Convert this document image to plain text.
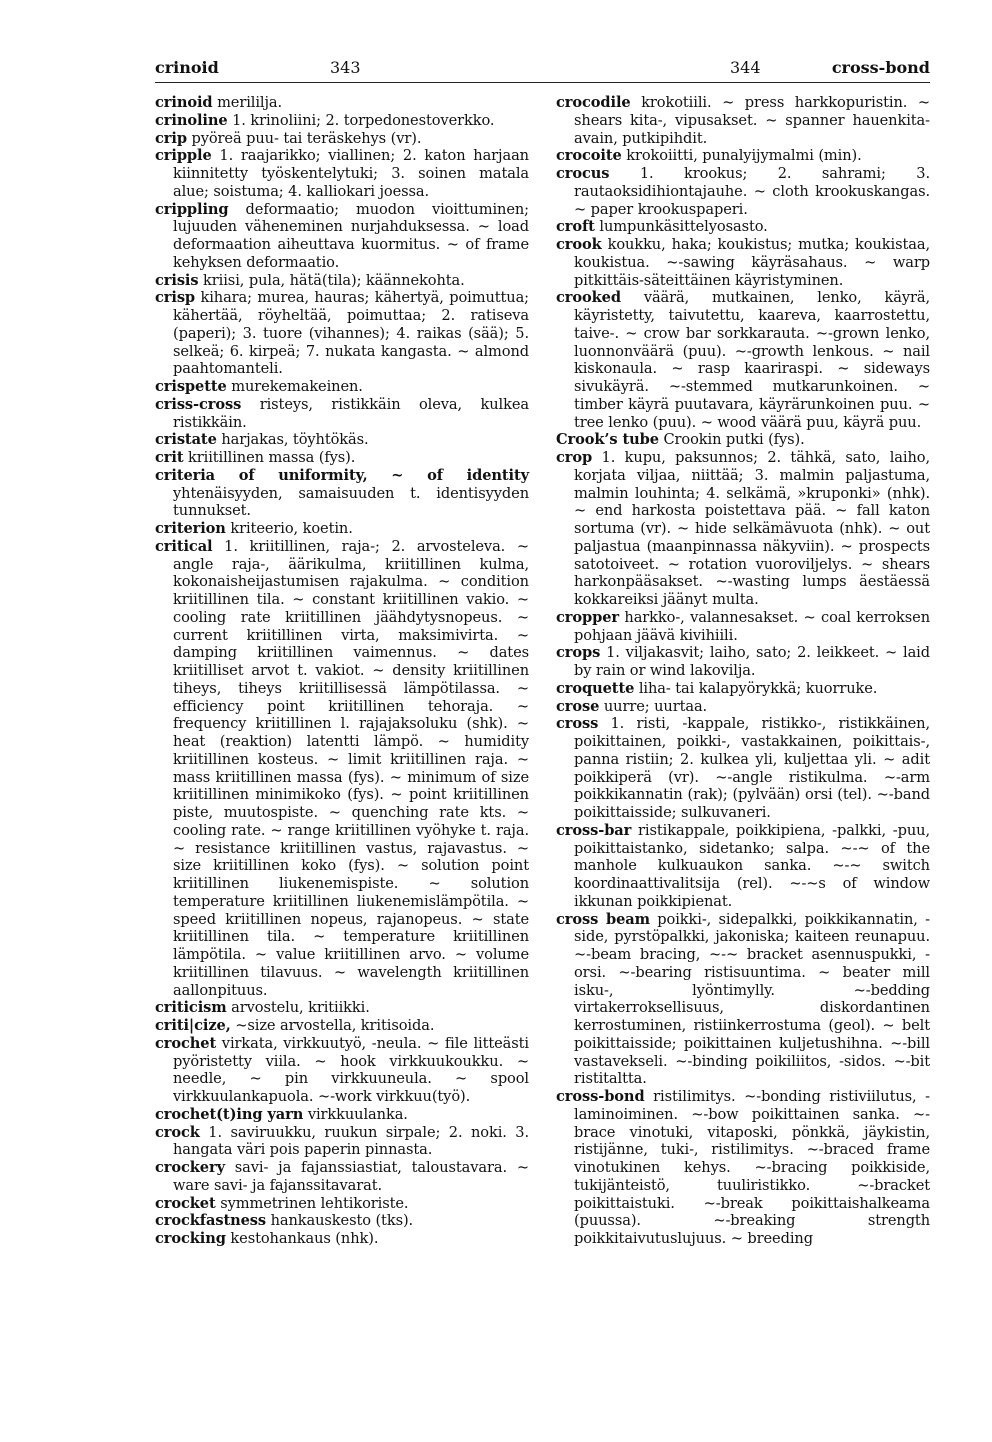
crinoid	343	344	cross-bond

crinoid merililja.

crinoline 1. krinoliini; 2. torpedonestoverkko.

crip pyöreä puu- tai teräskehys (vr).

cripple 1. raajarikko; viallinen; 2. katon harjaan kiinnitetty työskentelytuki; 3. soinen matala alue; soistuma; 4. kalliokari joessa.

crippling deformaatio; muodon vioittuminen; lujuuden väheneminen nurjahduksessa. ~ load deformaation aiheuttava kuormitus. ~ of frame kehyksen deformaatio.

crisis kriisi, pula, hätä(tila); käännekohta.

crisp kihara; murea, hauras; kähertyä, poimuttua; kähertää, röyheltää, poimuttaa; 2. ratiseva (paperi); 3. tuore (vihannes); 4. raikas (sää); 5. selkeä; 6. kirpeä; 7. nukata kangasta. ~ almond paahtomanteli.

crispette murekemakeinen.

criss-cross risteys, ristikkäin oleva, kulkea ristikkäin.

cristate harjakas, töyhtökäs.

crit kriitillinen massa (fys).

criteria of uniformity, ~ of identity yhtenäisyyden, samaisuuden t. identisyyden tunnukset.

criterion kriteerio, koetin.

critical 1. kriitillinen, raja-; 2. arvosteleva. ~ angle raja-, äärikulma, kriitillinen kulma, kokonaisheijastumisen rajakulma. ~ condition kriitillinen tila. ~ constant kriitillinen vakio. ~ cooling rate kriitillinen jäähdytysnopeus. ~ current kriitillinen virta, maksimivirta. ~ damping kriitillinen vaimennus. ~ dates kriitilliset arvot t. vakiot. ~ density kriitillinen tiheys, tiheys kriitillisessä lämpötilassa. ~ efficiency point kriitillinen tehoraja. ~ frequency kriitillinen l. rajajaksoluku (shk). ~ heat (reaktion) latentti lämpö. ~ humidity kriitillinen kosteus. ~ limit kriitillinen raja. ~ mass kriitillinen massa (fys). ~ minimum of size kriitillinen minimikoko (fys). ~ point kriitillinen piste, muutospiste. ~ quenching rate kts. ~ cooling rate. ~ range kriitillinen vyöhyke t. raja. ~ resistance kriitillinen vastus, rajavastus. ~ size kriitillinen koko (fys). ~ solution point kriitillinen liukenemispiste. ~ solution temperature kriitillinen liukenemislämpötila. ~ speed kriitillinen nopeus, rajanopeus. ~ state kriitillinen tila. ~ temperature kriitillinen lämpötila. ~ value kriitillinen arvo. ~ volume kriitillinen tilavuus. ~ wavelength kriitillinen aallonpituus.

criticism arvostelu, kritiikki.

criti|cize, ~size arvostella, kritisoida.

crochet virkata, virkkuutyö, -neula. ~ file litteästi pyöristetty viila. ~ hook virkkuukoukku. ~ needle, ~ pin virkkuuneula. ~ spool virkkuulankapuola. ~-work virkkuu(työ).

crochet(t)ing yarn virkkuulanka.

crock 1. saviruukku, ruukun sirpale; 2. noki. 3. hangata väri pois paperin pinnasta.

crockery savi- ja fajanssiastiat, taloustavara. ~ ware savi- ja fajanssitavarat.

crocket symmetrinen lehtikoriste.

crockfastness hankauskesto (tks).

crocking kestohankaus (nhk).

crocodile krokotiili. ~ press harkkopuristin. ~ shears kita-, vipusakset. ~ spanner hauenkita-avain, putkipihdit.

crocoite krokoiitti, punalyijymalmi (min).

crocus 1. krookus; 2. sahrami; 3. rautaoksidihiontajauhe. ~ cloth krookuskangas. ~ paper krookuspaperi.

croft lumpunkäsittelyosasto.

crook koukku, haka; koukistus; mutka; koukistaa, koukistua. ~-sawing käyräsahaus. ~ warp pitkittäis-säteittäinen käyristyminen.

crooked väärä, mutkainen, lenko, käyrä, käyristetty, taivutettu, kaareva, kaarrostettu, taive-. ~ crow bar sorkkarauta. ~-grown lenko, luonnonväärä (puu). ~-growth lenkous. ~ nail kiskonaula. ~ rasp kaariraspi. ~ sideways sivukäyrä. ~-stemmed mutkarunkoinen. ~ timber käyrä puutavara, käyrärunkoinen puu. ~ tree lenko (puu). ~ wood väärä puu, käyrä puu.

Crook’s tube Crookin putki (fys).

crop 1. kupu, paksunnos; 2. tähkä, sato, laiho, korjata viljaa, niittää; 3. malmin paljastuma, malmin louhinta; 4. selkämä, »kruponki» (nhk). ~ end harkosta poistettava pää. ~ fall katon sortuma (vr). ~ hide selkämävuota (nhk). ~ out paljastua (maanpinnassa näkyviin). ~ prospects satotoiveet. ~ rotation vuoroviljelys. ~ shears harkonpääsakset. ~-wasting lumps äestäessä kokkareiksi jäänyt multa.

cropper harkko-, valannesakset. ~ coal kerroksen pohjaan jäävä kivihiili.

crops 1. viljakasvit; laiho, sato; 2. leikkeet. ~ laid by rain or wind lakovilja.

croquette liha- tai kalapyörykkä; kuorruke.

crose uurre; uurtaa.

cross 1. risti, -kappale, ristikko-, ristikkäinen, poikittainen, poikki-, vastakkainen, poikittais-, panna ristiin; 2. kulkea yli, kuljettaa yli. ~ adit poikkiperä (vr). ~-angle ristikulma. ~-arm poikkikannatin (rak); (pylvään) orsi (tel). ~-band poikittaisside; sulkuvaneri.

cross-bar ristikappale, poikkipiena, -palkki, -puu, poikittaistanko, sidetanko; salpa. ~-~ of the manhole kulkuaukon sanka. ~-~ switch koordinaattivalitsija (rel). ~-~s of window ikkunan poikkipienat.

cross beam poikki-, sidepalkki, poikkikannatin, -side, pyrstöpalkki, jakoniska; kaiteen reunapuu. ~-beam bracing, ~-~ bracket asennuspukki, -orsi. ~-bearing ristisuuntima. ~ beater mill isku-, lyöntimylly. ~-bedding virtakerroksellisuus, diskordantinen kerrostuminen, ristiinkerrostuma (geol). ~ belt poikittaisside; poikittainen kuljetushihna. ~-bill vastavekseli. ~-binding poikiliitos, -sidos. ~-bit ristitaltta.

cross-bond ristilimitys. ~-bonding ristiviilutus, -laminoiminen. ~-bow poikittainen sanka. ~-brace vinotuki, vitaposki, pönkkä, jäykistin, ristijänne, tuki-, ristilimitys. ~-braced frame vinotukinen kehys. ~-bracing poikkiside, tukijänteistö, tuuliristikko. ~-bracket poikittaistuki. ~-break poikittaishalkeama (puussa). ~-breaking strength poikkitaivutuslujuus. ~ breeding
